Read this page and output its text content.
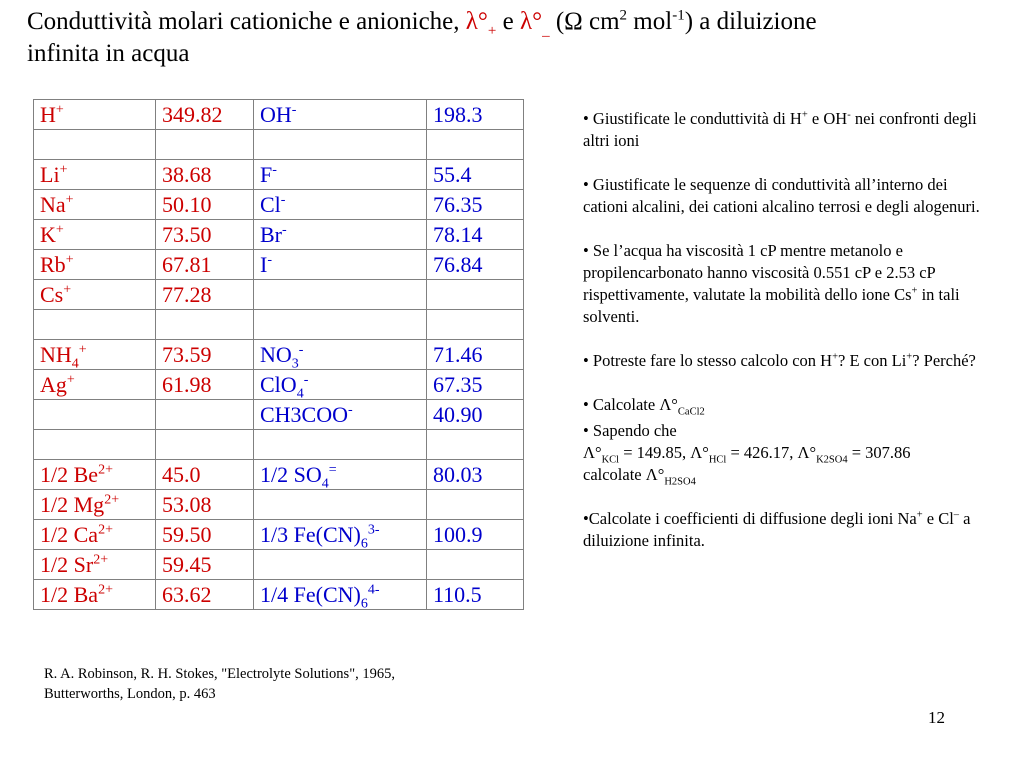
Conduttività molari cationiche e anioniche, $\lambda^\circ_+$ e $\lambda^\circ_{\_}$ (Ω $cm^2$ mol$^{-1}$) a diluizione
infinita in acqua
H+	349.82	OH-	198.3

Li+	38.68	F-	55.4
Na+	50.10	Cl-	76.35
K+	73.50	Br-	78.14
Rb+	67.81	I-	76.84
Cs+	77.28		

$NH_4^+$	73.59	$NO_3^-$	71.46
Ag+	61.98	ClO$_4$-	67.35
		CH3COO-	40.90

1/2 $Be^{2+}$	45.0	1/2 $SO_4^=$	80.03
1/2 $Mg^{2+}$	53.08		
1/2 $Ca^{2+}$	59.50	1/3 $Fe(CN)_6^{3-}$	100.9
1/2 $Sr^{2+}$	59.45		
1/2 $Ba^{2+}$	63.62	1/4 $Fe(CN)_6^{4-}$	110.5
R. A. Robinson, R. H. Stokes, "Electrolyte Solutions", 1965,
Butterworths, London, p. 463

• Giustificate le conduttività di H+ e OH- nei confronti degli altri ioni

• Giustificate le sequenze di conduttività all’interno dei cationi alcalini, dei cationi alcalino terrosi e degli alogenuri.

• Se l’acqua ha viscosità 1 cP mentre metanolo e propilencarbonato hanno viscosità 0.551 cP e 2.53 cP rispettivamente, valutate la mobilità dello ione Cs+ in tali solventi.

• Potreste fare lo stesso calcolo con H+? E con Li+? Perché?

• Calcolate $\Lambda^\circ_{CaCl2}$

• Sapendo che
$\Lambda^\circ_{KCl} = 149.85$, $\Lambda^\circ_{HCl} = 426.17$, $\Lambda^\circ_{K2SO4} = 307.86$
calcolate $\Lambda^\circ_{H2SO4}$

•Calcolate i coefficienti di diffusione degli ioni Na+ e Cl– a diluizione infinita.

12
